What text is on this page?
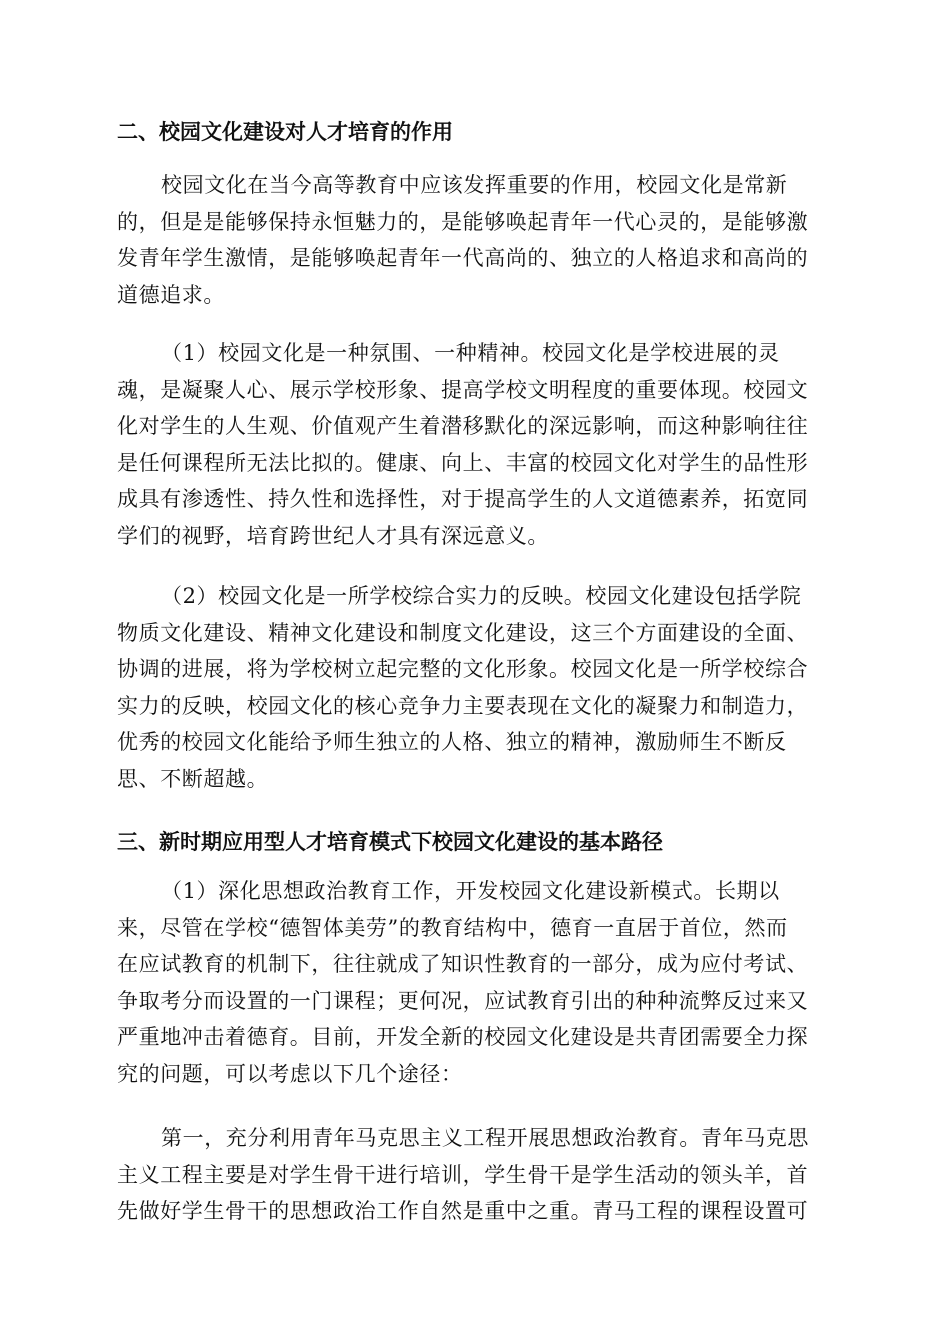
二、校园文化建设对人才培育的作用
校园文化在当今高等教育中应该发挥重要的作用，校园文化是常新
的，但是是能够保持永恒魅力的，是能够唤起青年一代心灵的，是能够激
发青年学生激情，是能够唤起青年一代高尚的、独立的人格追求和高尚的
道德追求。
（1）校园文化是一种氛围、一种精神。校园文化是学校进展的灵
魂，是凝聚人心、展示学校形象、提高学校文明程度的重要体现。校园文
化对学生的人生观、价值观产生着潜移默化的深远影响，而这种影响往往
是任何课程所无法比拟的。健康、向上、丰富的校园文化对学生的品性形
成具有渗透性、持久性和选择性，对于提高学生的人文道德素养，拓宽同
学们的视野，培育跨世纪人才具有深远意义。
（2）校园文化是一所学校综合实力的反映。校园文化建设包括学院
物质文化建设、精神文化建设和制度文化建设，这三个方面建设的全面、
协调的进展，将为学校树立起完整的文化形象。校园文化是一所学校综合
实力的反映，校园文化的核心竞争力主要表现在文化的凝聚力和制造力，
优秀的校园文化能给予师生独立的人格、独立的精神，激励师生不断反
思、不断超越。
三、新时期应用型人才培育模式下校园文化建设的基本路径
（1）深化思想政治教育工作，开发校园文化建设新模式。长期以
来，尽管在学校“德智体美劳”的教育结构中，德育一直居于首位，然而
在应试教育的机制下，往往就成了知识性教育的一部分，成为应付考试、
争取考分而设置的一门课程；更何况，应试教育引出的种种流弊反过来又
严重地冲击着德育。目前，开发全新的校园文化建设是共青团需要全力探
究的问题，可以考虑以下几个途径：
第一，充分利用青年马克思主义工程开展思想政治教育。青年马克思
主义工程主要是对学生骨干进行培训，学生骨干是学生活动的领头羊，首
先做好学生骨干的思想政治工作自然是重中之重。青马工程的课程设置可
